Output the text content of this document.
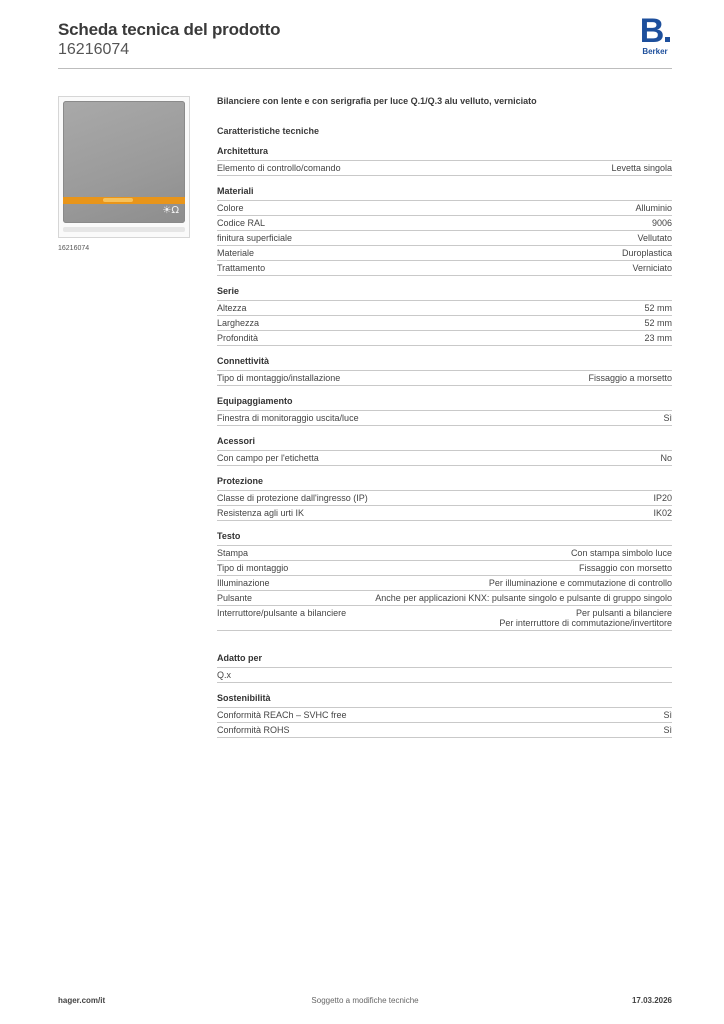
Scheda tecnica del prodotto
16216074	B
Berker
☀Ω
16216074
Bilanciere con lente e con serigrafia per luce Q.1/Q.3 alu velluto, verniciato
Caratteristiche tecniche
Architettura
Elemento di controllo/comando	Levetta singola
Materiali
Colore	Alluminio
Codice RAL	9006
finitura superficiale	Vellutato
Materiale	Duroplastica
Trattamento	Verniciato
Serie
Altezza	52 mm
Larghezza	52 mm
Profondità	23 mm
Connettività
Tipo di montaggio/installazione	Fissaggio a morsetto
Equipaggiamento
Finestra di monitoraggio uscita/luce	Sì
Acessori
Con campo per l'etichetta	No
Protezione
Classe di protezione dall'ingresso (IP)	IP20
Resistenza agli urti IK	IK02
Testo
Stampa	Con stampa simbolo luce
Tipo di montaggio	Fissaggio con morsetto
Illuminazione	Per illuminazione e commutazione di controllo
Pulsante	Anche per applicazioni KNX: pulsante singolo e pulsante di gruppo singolo
Interruttore/pulsante a bilanciere	Per pulsanti a bilanciere
Per interruttore di commutazione/invertitore
Adatto per
Q.x
Sostenibilità
Conformità REACh – SVHC free	Sì
Conformità ROHS	Sì
hager.com/it	Soggetto a modifiche tecniche	17.03.2026
